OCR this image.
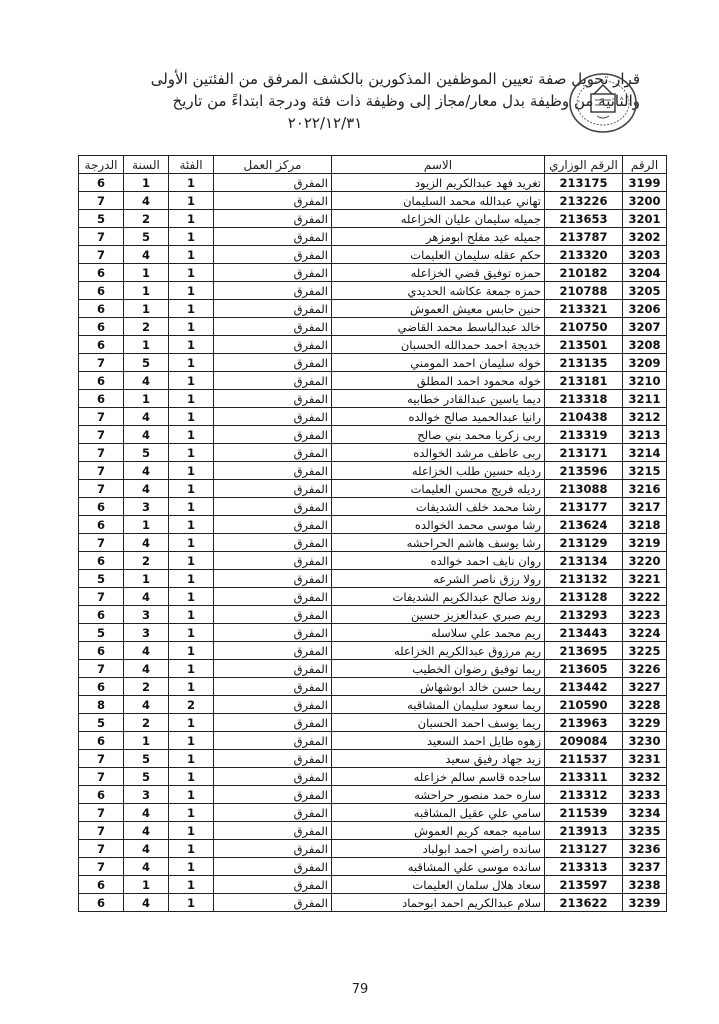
قرار تحويل صفة تعيين الموظفين المذكورين بالكشف المرفق من الفئتين الأولى
والثانية من وظيفة بدل معار/مجاز إلى وظيفة ذات فئة ودرجة ابتداءً من تاريخ
٢٠٢٢/١٢/٣١
الرقم	الرقم الوزاري	الاسم	مركز العمل	الفئة	السنة	الدرجة
3199	213175	تغريد فهد عبدالكريم الزيود	المفرق	1	1	6
3200	213226	تهاني عبدالله محمد السليمان	المفرق	1	4	7
3201	213653	جميله سليمان عليان الخزاعله	المفرق	1	2	5
3202	213787	جميله عيد مفلح ابومزهر	المفرق	1	5	7
3203	213320	حكم عقله سليمان العليمات	المفرق	1	4	7
3204	210182	حمزه توفيق قضي الخزاعله	المفرق	1	1	6
3205	210788	حمزه جمعة عكاشه الحديدي	المفرق	1	1	6
3206	213321	حنين حابس معيش العموش	المفرق	1	1	6
3207	210750	خالد عبدالباسط محمد القاضي	المفرق	1	2	6
3208	213501	خديجة احمد حمدالله الحسبان	المفرق	1	1	6
3209	213135	خوله سليمان احمد المومني	المفرق	1	5	7
3210	213181	خوله محمود احمد المطلق	المفرق	1	4	6
3211	213318	ديما ياسين عبدالقادر خطابيه	المفرق	1	1	6
3212	210438	رانيا عبدالحميد صالح خوالده	المفرق	1	4	7
3213	213319	ربى زكريا محمد بني صالح	المفرق	1	4	7
3214	213171	ربى عاطف مرشد الخوالده	المفرق	1	5	7
3215	213596	رديله حسين طلب الخزاعله	المفرق	1	4	7
3216	213088	رديله فريج محسن العليمات	المفرق	1	4	7
3217	213177	رشا محمد خلف الشديفات	المفرق	1	3	6
3218	213624	رشا موسى محمد الخوالده	المفرق	1	1	6
3219	213129	رشا يوسف هاشم الحراحشه	المفرق	1	4	7
3220	213134	روان نايف احمد خوالده	المفرق	1	2	6
3221	213132	رولا رزق ناصر الشرعه	المفرق	1	1	5
3222	213128	روند صالح عبدالكريم الشديفات	المفرق	1	4	7
3223	213293	ريم صبري عبدالعزيز حسين	المفرق	1	3	6
3224	213443	ريم محمد علي سلاسله	المفرق	1	3	5
3225	213695	ريم مرزوق عبدالكريم الخزاعله	المفرق	1	4	6
3226	213605	ريما توفيق رضوان الخطيب	المفرق	1	4	7
3227	213442	ريما حسن خالد ابوشهاش	المفرق	1	2	6
3228	210590	ريما سعود سليمان المشاقبه	المفرق	2	4	8
3229	213963	ريما يوسف احمد الحسبان	المفرق	1	2	5
3230	209084	زهوه طايل احمد السعيد	المفرق	1	1	6
3231	211537	زيد جهاد رفيق سعيد	المفرق	1	5	7
3232	213311	ساجده قاسم سالم خزاعله	المفرق	1	5	7
3233	213312	ساره حمد منصور حراحشه	المفرق	1	3	6
3234	211539	سامي علي عقيل المشاقبه	المفرق	1	4	7
3235	213913	ساميه جمعه كريم العموش	المفرق	1	4	7
3236	213127	سانده راضي احمد ابولباد	المفرق	1	4	7
3237	213313	سانده موسى علي المشاقبه	المفرق	1	4	7
3238	213597	سعاد هلال سلمان العليمات	المفرق	1	1	6
3239	213622	سلام عبدالكريم احمد ابوحماد	المفرق	1	4	6
79
